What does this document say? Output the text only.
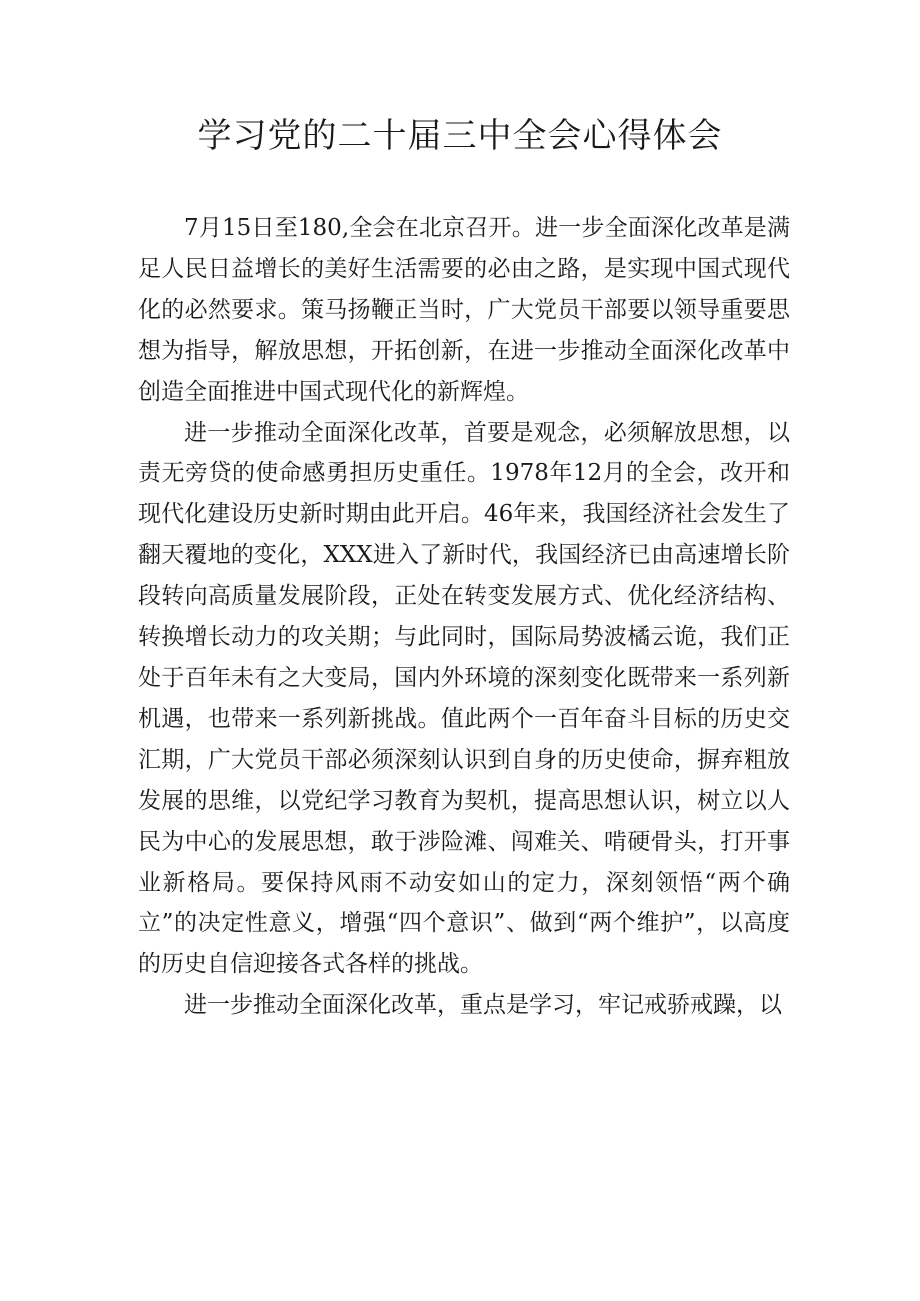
学习党的二十届三中全会心得体会

7月15日至180,全会在北京召开。进一步全面深化改革是满足人民日益增长的美好生活需要的必由之路，是实现中国式现代化的必然要求。策马扬鞭正当时，广大党员干部要以领导重要思想为指导，解放思想，开拓创新，在进一步推动全面深化改革中创造全面推进中国式现代化的新辉煌。

进一步推动全面深化改革，首要是观念，必须解放思想，以责无旁贷的使命感勇担历史重任。1978年12月的全会，改开和现代化建设历史新时期由此开启。46年来，我国经济社会发生了翻天覆地的变化，XXX进入了新时代，我国经济已由高速增长阶段转向高质量发展阶段，正处在转变发展方式、优化经济结构、转换增长动力的攻关期；与此同时，国际局势波橘云诡，我们正处于百年未有之大变局，国内外环境的深刻变化既带来一系列新机遇，也带来一系列新挑战。值此两个一百年奋斗目标的历史交汇期，广大党员干部必须深刻认识到自身的历史使命，摒弃粗放发展的思维，以党纪学习教育为契机，提高思想认识，树立以人民为中心的发展思想，敢于涉险滩、闯难关、啃硬骨头，打开事业新格局。要保持风雨不动安如山的定力，深刻领悟“两个确立”的决定性意义，增强“四个意识”、做到“两个维护”，以高度的历史自信迎接各式各样的挑战。

进一步推动全面深化改革，重点是学习，牢记戒骄戒躁，以
